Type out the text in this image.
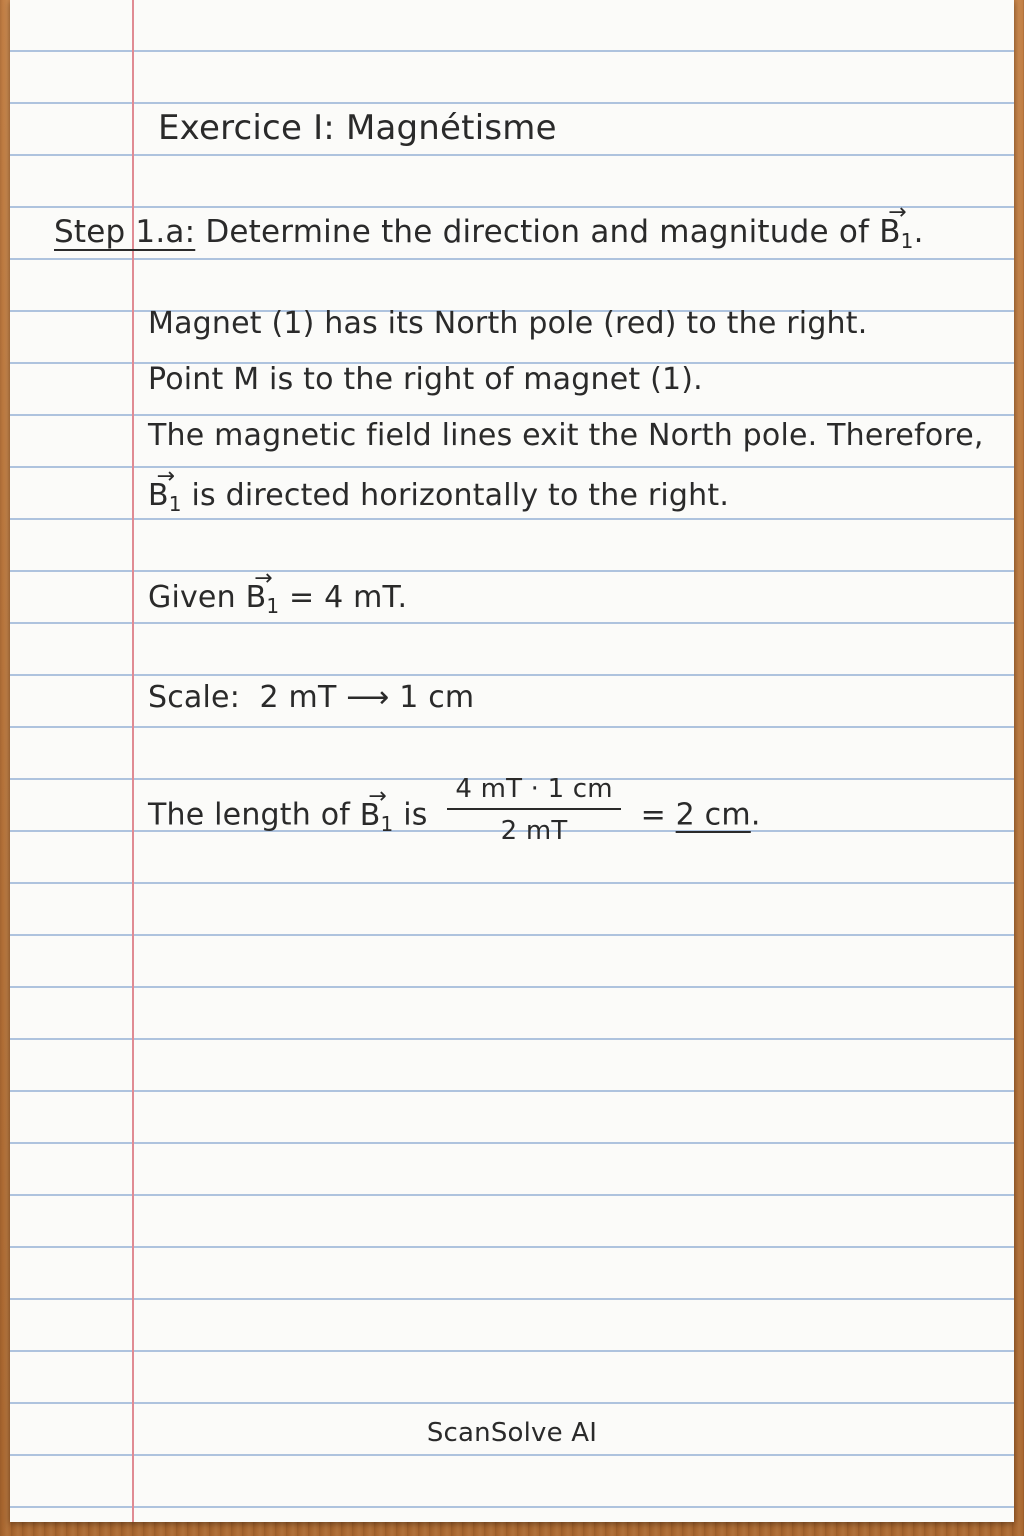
Exercice I: Magnétisme
Step 1.a: Determine the direction and magnitude of
→
$B_1$.
Magnet (1) has its North pole (red) to the right.
Point M is to the right of magnet (1).
The magnetic field lines exit the North pole. Therefore,
→
$B_1$ is directed horizontally to the right.
Given
→
$B_1 = 4$ mT.
Scale: 2 mT ⟶ 1 cm
The length of
→
$B_1$ is $\frac{4 mT \cdot 1 cm}{2 mT} = 2$ cm.
ScanSolve AI
